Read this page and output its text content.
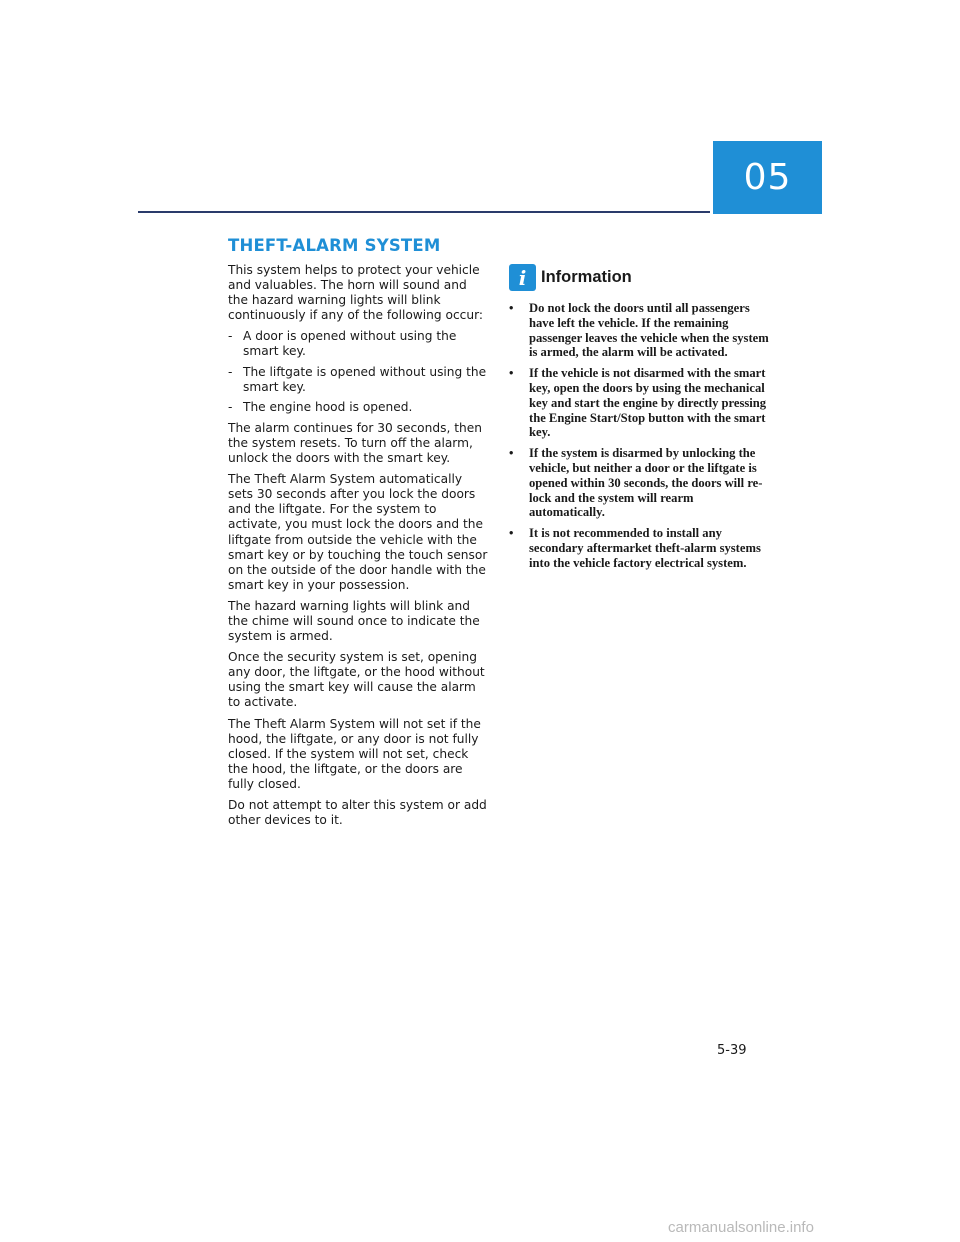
05
THEFT-ALARM SYSTEM

This system helps to protect your vehicle and valuables. The horn will sound and the hazard warning lights will blink continuously if any of the following occur:

- A door is opened without using the smart key.
- The liftgate is opened without using the smart key.
- The engine hood is opened.

The alarm continues for 30 seconds, then the system resets. To turn off the alarm, unlock the doors with the smart key.

The Theft Alarm System automatically sets 30 seconds after you lock the doors and the liftgate. For the system to activate, you must lock the doors and the liftgate from outside the vehicle with the smart key or by touching the touch sensor on the outside of the door handle with the smart key in your possession.

The hazard warning lights will blink and the chime will sound once to indicate the system is armed.

Once the security system is set, opening any door, the liftgate, or the hood without using the smart key will cause the alarm to activate.

The Theft Alarm System will not set if the hood, the liftgate, or any door is not fully closed. If the system will not set, check the hood, the liftgate, or the doors are fully closed.

Do not attempt to alter this system or add other devices to it.

i Information
• Do not lock the doors until all passengers have left the vehicle. If the remaining passenger leaves the vehicle when the system is armed, the alarm will be activated.
• If the vehicle is not disarmed with the smart key, open the doors by using the mechanical key and start the engine by directly pressing the Engine Start/Stop button with the smart key.
• If the system is disarmed by unlocking the vehicle, but neither a door or the liftgate is opened within 30 seconds, the doors will re-lock and the system will rearm automatically.
• It is not recommended to install any secondary aftermarket theft-alarm systems into the vehicle factory electrical system.
5-39
carmanualsonline.info
